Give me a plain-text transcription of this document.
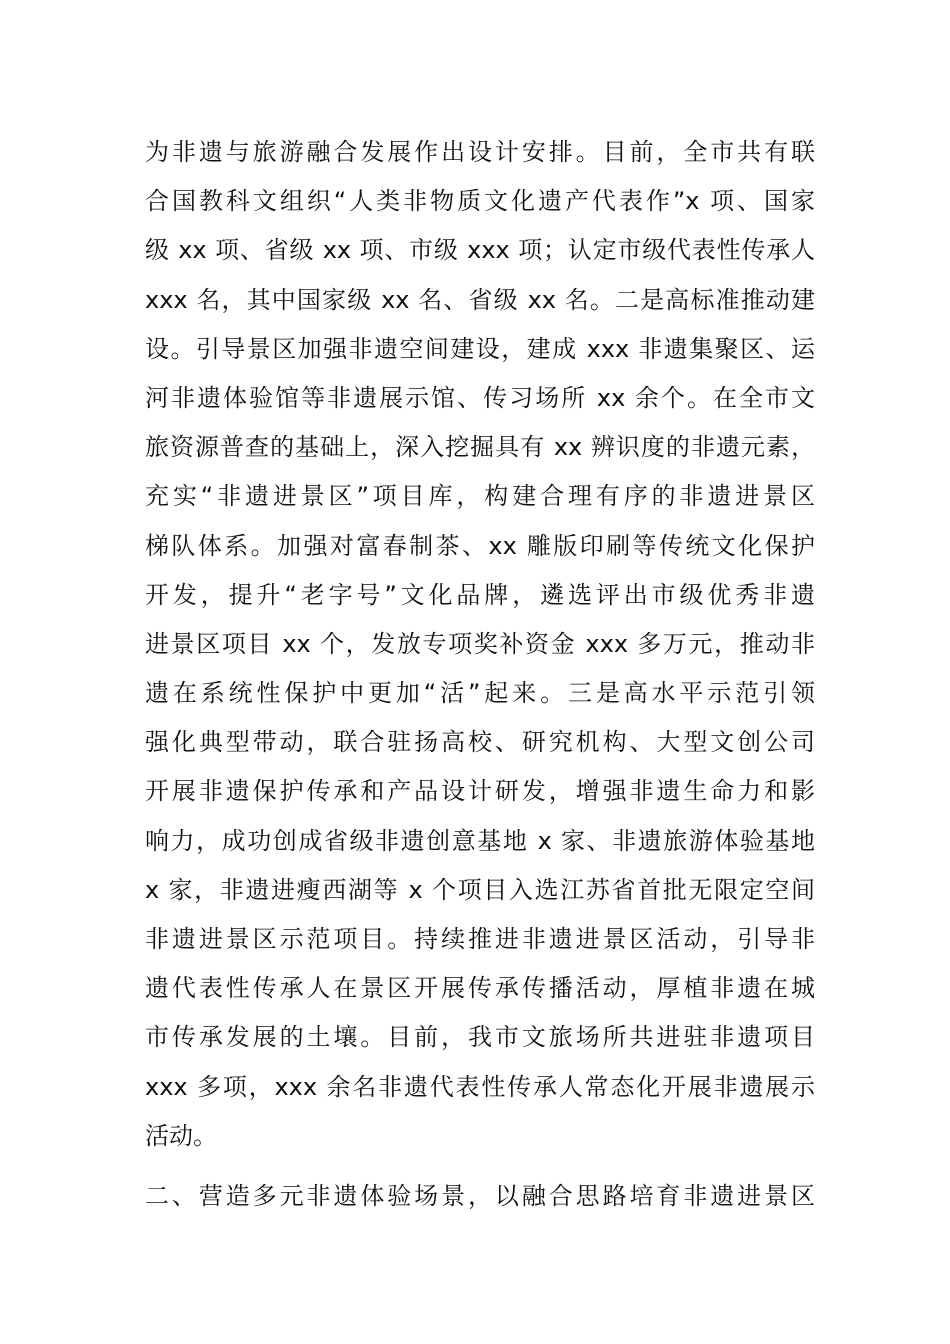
为非遗与旅游融合发展作出设计安排。目前，全市共有联
合国教科文组织“人类非物质文化遗产代表作”x 项、国家
级 xx 项、省级 xx 项、市级 xxx 项；认定市级代表性传承人
xxx 名，其中国家级 xx 名、省级 xx 名。二是高标准推动建
设。引导景区加强非遗空间建设，建成 xxx 非遗集聚区、运
河非遗体验馆等非遗展示馆、传习场所 xx 余个。在全市文
旅资源普查的基础上，深入挖掘具有 xx 辨识度的非遗元素，
充实“非遗进景区”项目库，构建合理有序的非遗进景区
梯队体系。加强对富春制茶、xx 雕版印刷等传统文化保护
开发，提升“老字号”文化品牌，遴选评出市级优秀非遗
进景区项目 xx 个，发放专项奖补资金 xxx 多万元，推动非
遗在系统性保护中更加“活”起来。三是高水平示范引领
强化典型带动，联合驻扬高校、研究机构、大型文创公司
开展非遗保护传承和产品设计研发，增强非遗生命力和影
响力，成功创成省级非遗创意基地 x 家、非遗旅游体验基地
x 家，非遗进瘦西湖等 x 个项目入选江苏省首批无限定空间
非遗进景区示范项目。持续推进非遗进景区活动，引导非
遗代表性传承人在景区开展传承传播活动，厚植非遗在城
市传承发展的土壤。目前，我市文旅场所共进驻非遗项目
xxx 多项，xxx 余名非遗代表性传承人常态化开展非遗展示
活动。
二、营造多元非遗体验场景，以融合思路培育非遗进景区
